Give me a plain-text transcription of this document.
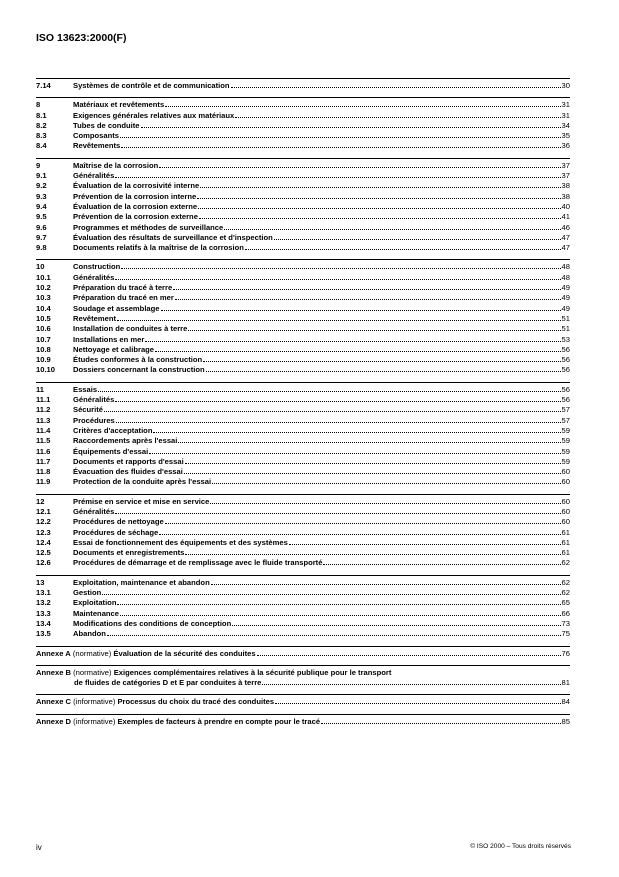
ISO 13623:2000(F)
7.14	Systèmes de contrôle et de communication	30
8	Matériaux et revêtements	31
8.1	Exigences générales relatives aux matériaux	31
8.2	Tubes de conduite	34
8.3	Composants	35
8.4	Revêtements	36
9	Maîtrise de la corrosion	37
9.1	Généralités	37
9.2	Évaluation de la corrosivité interne	38
9.3	Prévention de la corrosion interne	38
9.4	Évaluation de la corrosion externe	40
9.5	Prévention de la corrosion externe	41
9.6	Programmes et méthodes de surveillance	46
9.7	Évaluation des résultats de surveillance et d'inspection	47
9.8	Documents relatifs à la maîtrise de la corrosion	47
10	Construction	48
10.1	Généralités	48
10.2	Préparation du tracé à terre	49
10.3	Préparation du tracé en mer	49
10.4	Soudage et assemblage	49
10.5	Revêtement	51
10.6	Installation de conduites à terre	51
10.7	Installations en mer	53
10.8	Nettoyage et calibrage	56
10.9	Études conformes à la construction	56
10.10	Dossiers concernant la construction	56
11	Essais	56
11.1	Généralités	56
11.2	Sécurité	57
11.3	Procédures	57
11.4	Critères d'acceptation	59
11.5	Raccordements après l'essai	59
11.6	Équipements d'essai	59
11.7	Documents et rapports d'essai	59
11.8	Évacuation des fluides d'essai	60
11.9	Protection de la conduite après l'essai	60
12	Prémise en service et mise en service	60
12.1	Généralités	60
12.2	Procédures de nettoyage	60
12.3	Procédures de séchage	61
12.4	Essai de fonctionnement des équipements et des systèmes	61
12.5	Documents et enregistrements	61
12.6	Procédures de démarrage et de remplissage avec le fluide transporté	62
13	Exploitation, maintenance et abandon	62
13.1	Gestion	62
13.2	Exploitation	65
13.3	Maintenance	66
13.4	Modifications des conditions de conception	73
13.5	Abandon	75
Annexe A (normative) Évaluation de la sécurité des conduites	76
Annexe B (normative) Exigences complémentaires relatives à la sécurité publique pour le transport
de fluides de catégories D et E par conduites à terre	81
Annexe C (informative) Processus du choix du tracé des conduites	84
Annexe D (informative) Exemples de facteurs à prendre en compte pour le tracé	85
iv	© ISO 2000 – Tous droits réservés
